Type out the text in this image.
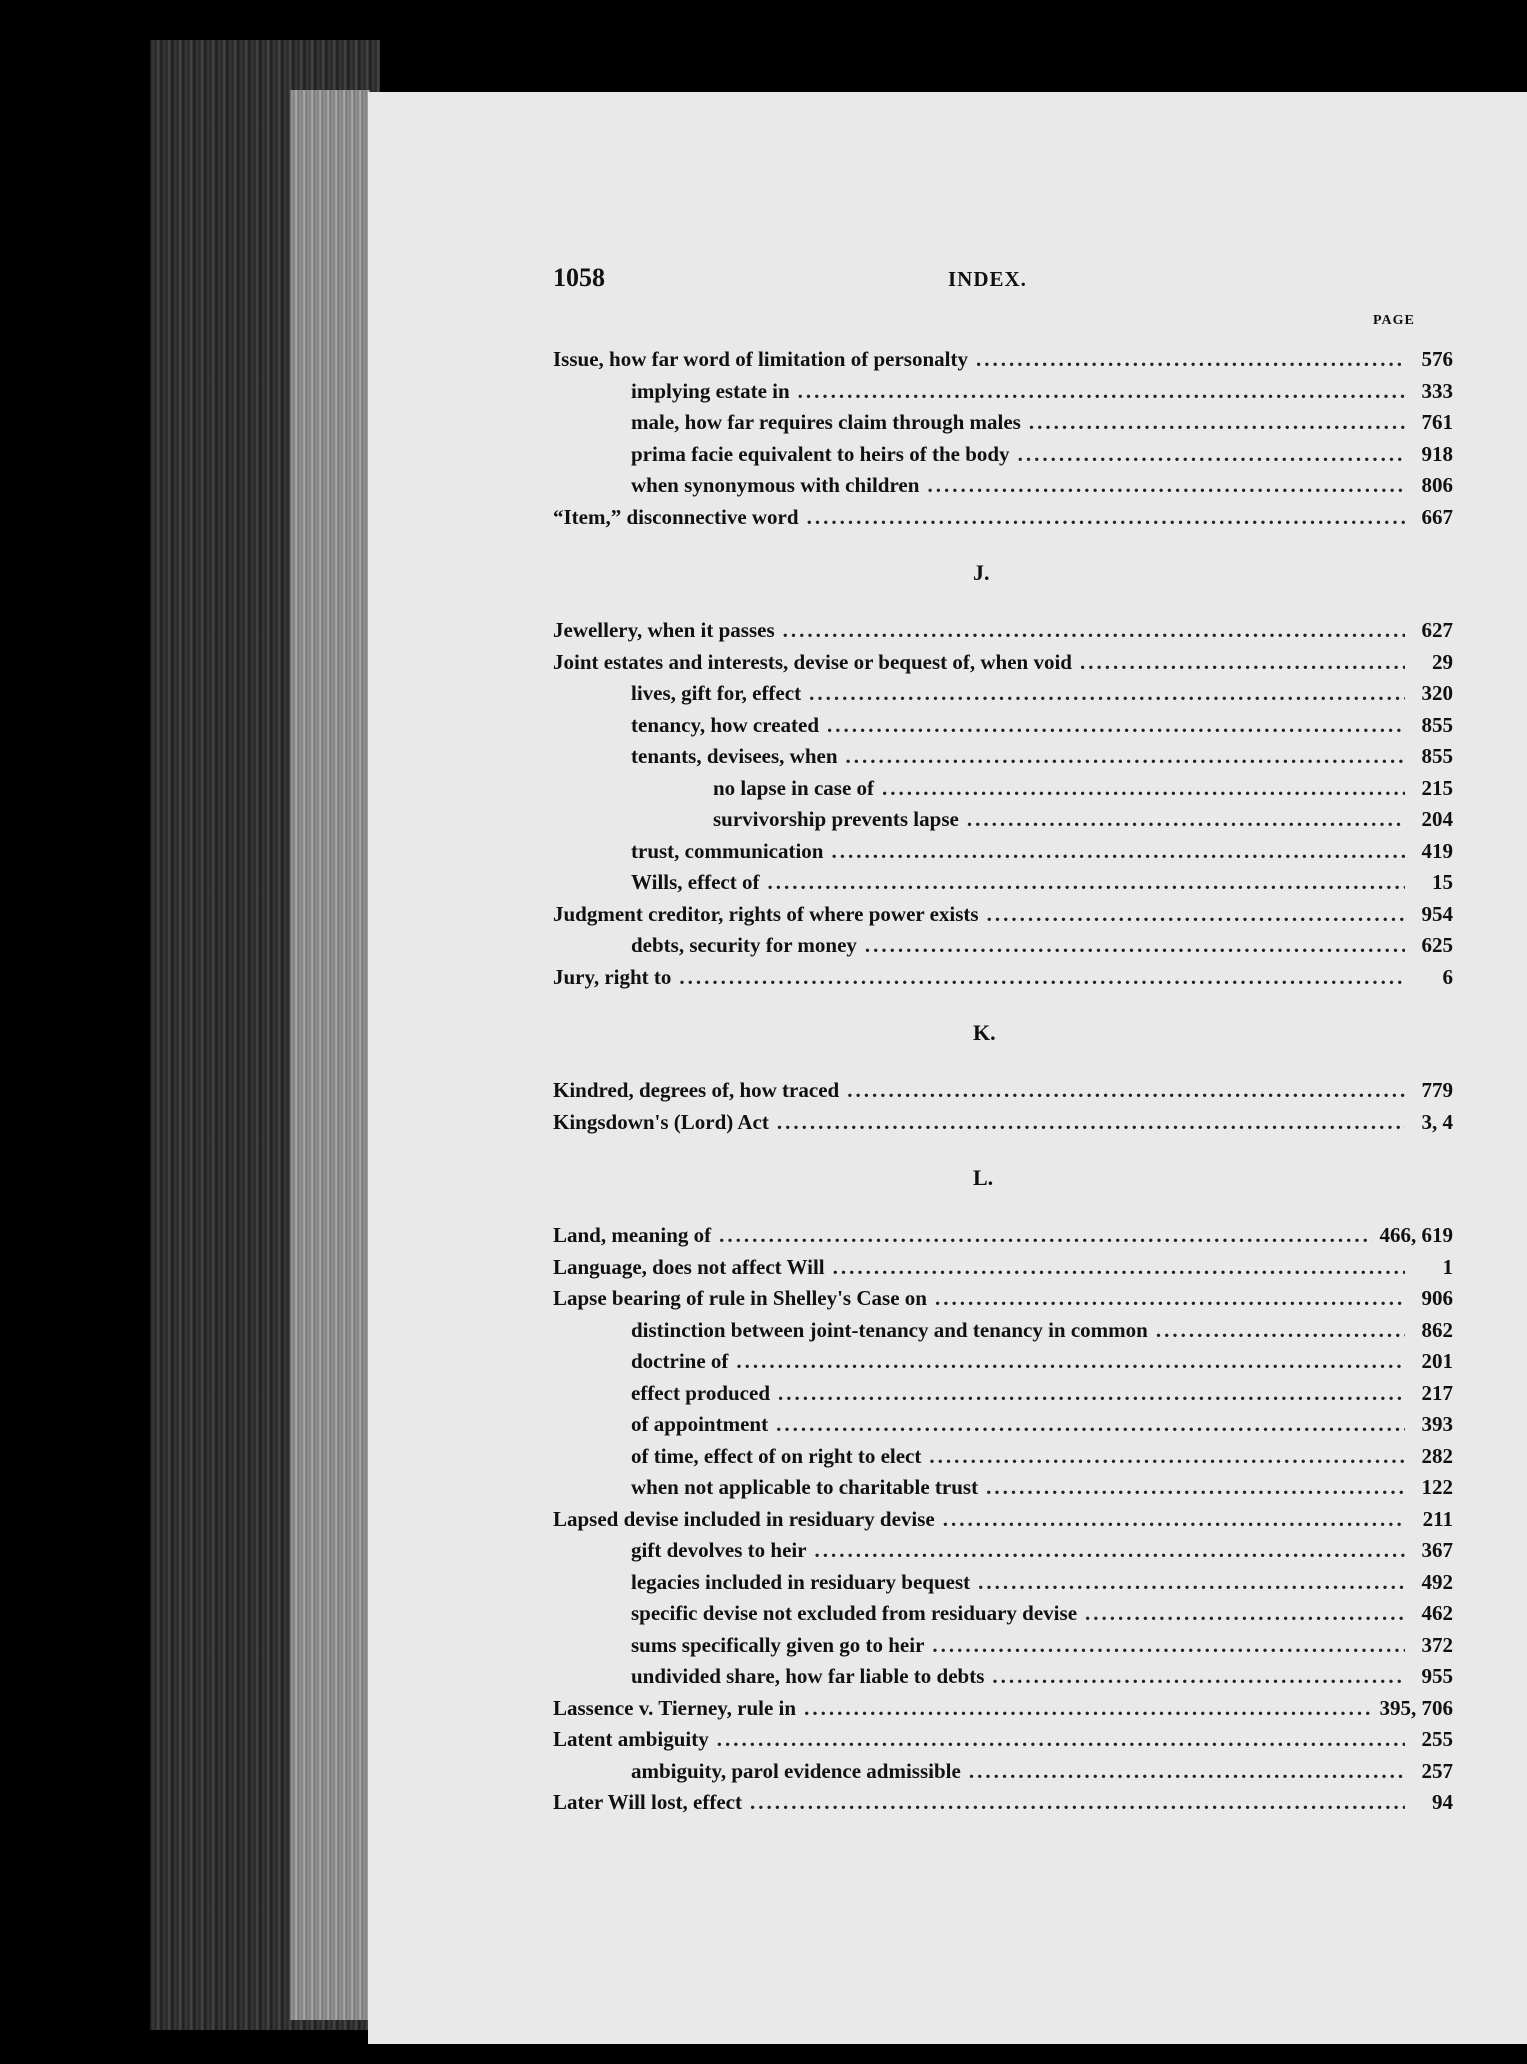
1058	INDEX.
PAGE
Issue, how far word of limitation of personalty .....	576
implying estate in .....	333
male, how far requires claim through males .....	761
prima facie equivalent to heirs of the body .....	918
when synonymous with children .....	806
“Item,” disconnective word .....	667
J.
Jewellery, when it passes .....	627
Joint estates and interests, devise or bequest of, when void .....	29
lives, gift for, effect .....	320
tenancy, how created .....	855
tenants, devisees, when .....	855
no lapse in case of .....	215
survivorship prevents lapse .....	204
trust, communication .....	419
Wills, effect of .....	15
Judgment creditor, rights of where power exists .....	954
debts, security for money .....	625
Jury, right to .....	6
K.
Kindred, degrees of, how traced .....	779
Kingsdown's (Lord) Act .....	3, 4
L.
Land, meaning of .....	466, 619
Language, does not affect Will .....	1
Lapse bearing of rule in Shelley's Case on .....	906
distinction between joint-tenancy and tenancy in common .....	862
doctrine of .....	201
effect produced .....	217
of appointment .....	393
of time, effect of on right to elect .....	282
when not applicable to charitable trust .....	122
Lapsed devise included in residuary devise .....	211
gift devolves to heir .....	367
legacies included in residuary bequest .....	492
specific devise not excluded from residuary devise .....	462
sums specifically given go to heir .....	372
undivided share, how far liable to debts .....	955
Lassence v. Tierney, rule in .....	395, 706
Latent ambiguity .....	255
ambiguity, parol evidence admissible .....	257
Later Will lost, effect .....	94
